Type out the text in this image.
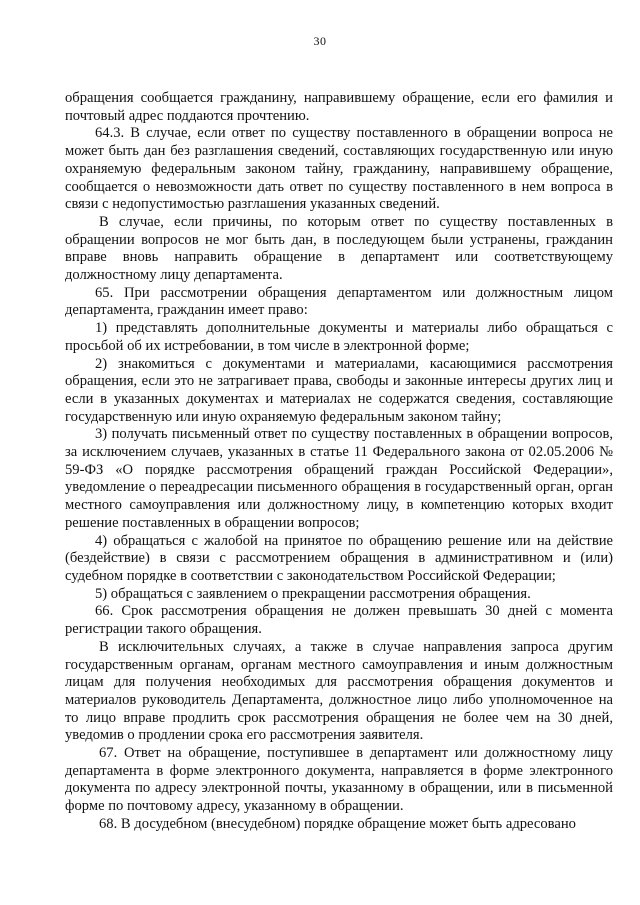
30

обращения сообщается гражданину, направившему обращение, если его фамилия и почтовый адрес поддаются прочтению.

64.3. В случае, если ответ по существу поставленного в обращении вопроса не может быть дан без разглашения сведений, составляющих государственную или иную охраняемую федеральным законом тайну, гражданину, направившему обращение, сообщается о невозможности дать ответ по существу поставленного в нем вопроса в связи с недопустимостью разглашения указанных сведений.

В случае, если причины, по которым ответ по существу поставленных в обращении вопросов не мог быть дан, в последующем были устранены, гражданин вправе вновь направить обращение в департамент или соответствующему должностному лицу департамента.

65. При рассмотрении обращения департаментом или должностным лицом департамента, гражданин имеет право:

1) представлять дополнительные документы и материалы либо обращаться с просьбой об их истребовании, в том числе в электронной форме;

2) знакомиться с документами и материалами, касающимися рассмотрения обращения, если это не затрагивает права, свободы и законные интересы других лиц и если в указанных документах и материалах не содержатся сведения, составляющие государственную или иную охраняемую федеральным законом тайну;

3) получать письменный ответ по существу поставленных в обращении вопросов, за исключением случаев, указанных в статье 11 Федерального закона от 02.05.2006 № 59-ФЗ «О порядке рассмотрения обращений граждан Российской Федерации», уведомление о переадресации письменного обращения в государственный орган, орган местного самоуправления или должностному лицу, в компетенцию которых входит решение поставленных в обращении вопросов;

4) обращаться с жалобой на принятое по обращению решение или на действие (бездействие) в связи с рассмотрением обращения в административном и (или) судебном порядке в соответствии с законодательством Российской Федерации;

5) обращаться с заявлением о прекращении рассмотрения обращения.

66. Срок рассмотрения обращения не должен превышать 30 дней с момента регистрации такого обращения.

В исключительных случаях, а также в случае направления запроса другим государственным органам, органам местного самоуправления и иным должностным лицам для получения необходимых для рассмотрения обращения документов и материалов руководитель Департамента, должностное лицо либо уполномоченное на то лицо вправе продлить срок рассмотрения обращения не более чем на 30 дней, уведомив о продлении срока его рассмотрения заявителя.

67. Ответ на обращение, поступившее в департамент или должностному лицу департамента в форме электронного документа, направляется в форме электронного документа по адресу электронной почты, указанному в обращении, или в письменной форме по почтовому адресу, указанному в обращении.

68. В досудебном (внесудебном) порядке обращение может быть адресовано
